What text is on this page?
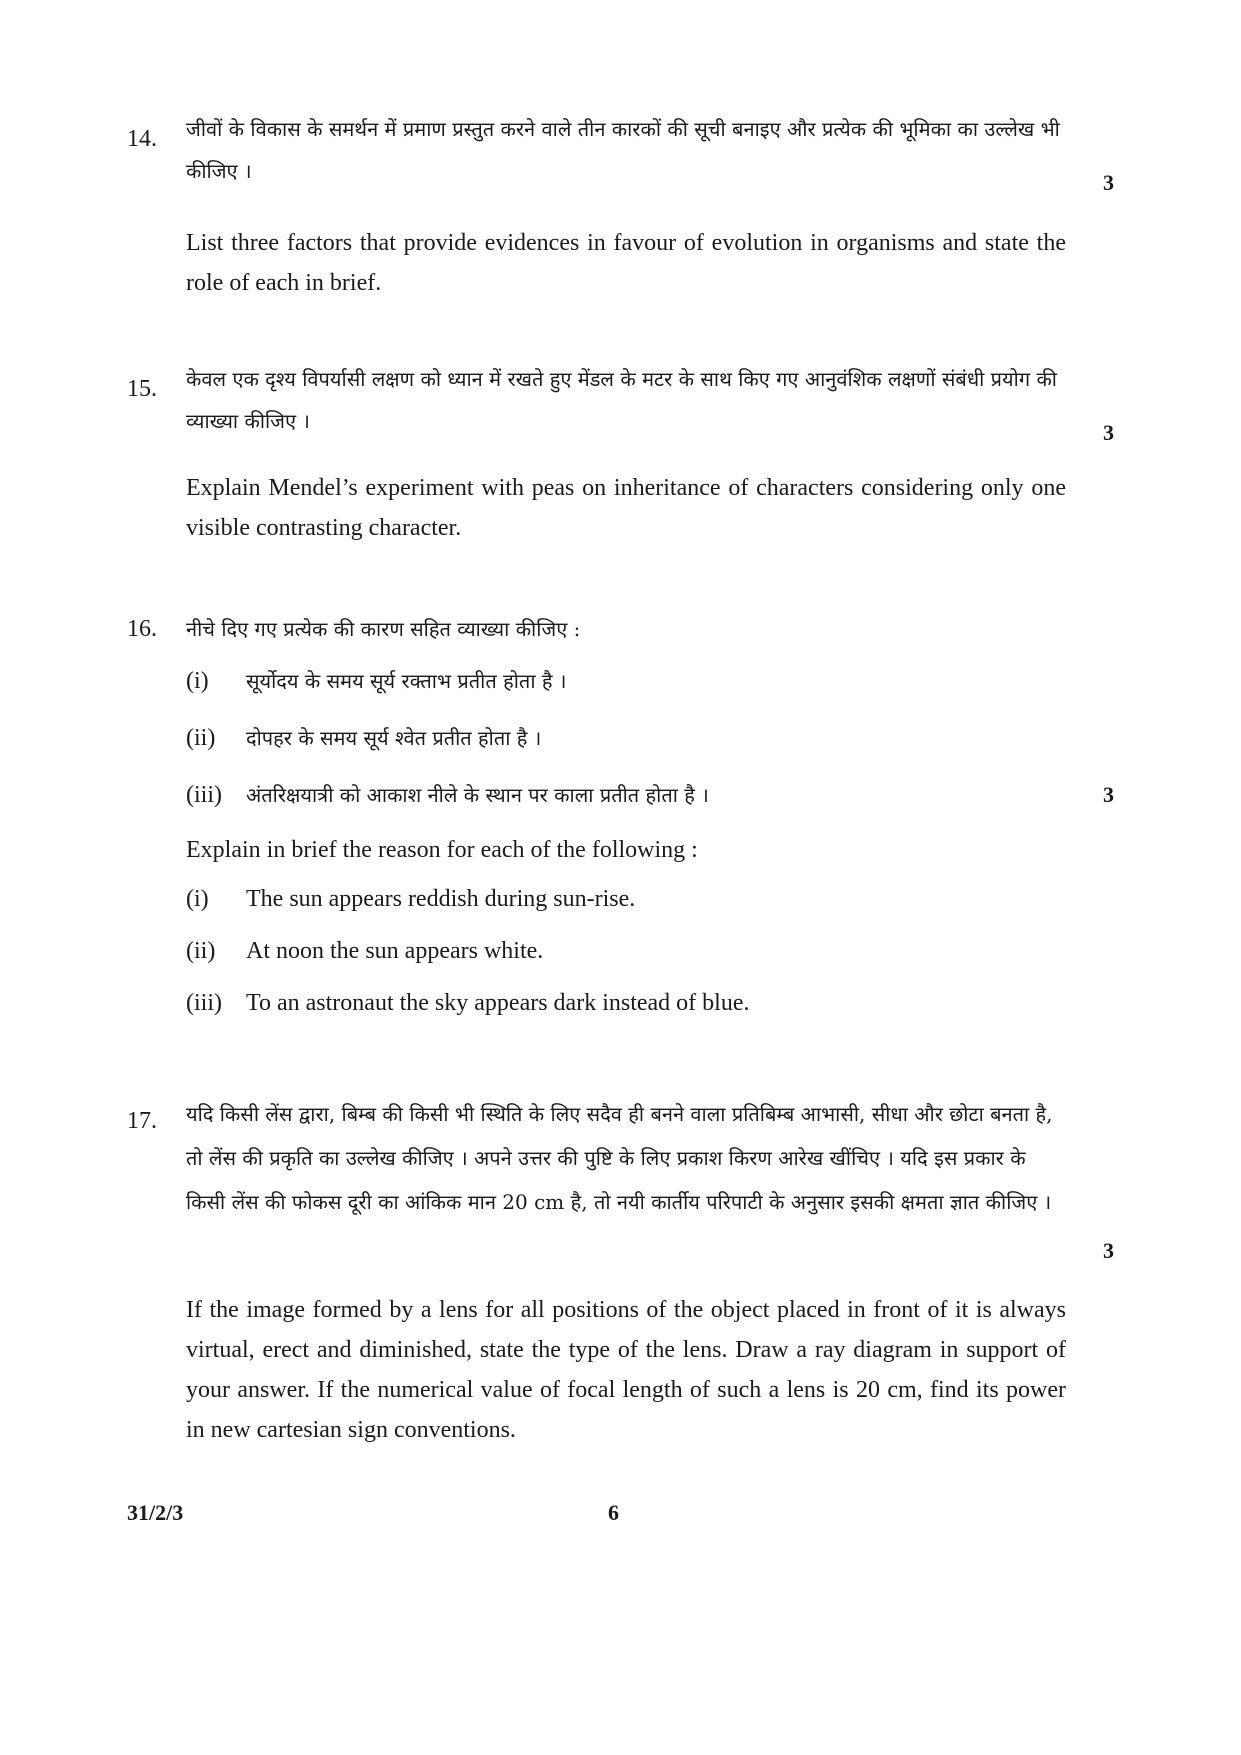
14. जीवों के विकास के समर्थन में प्रमाण प्रस्तुत करने वाले तीन कारकों की सूची बनाइए और प्रत्येक की भूमिका का उल्लेख भी कीजिए ।	3
List three factors that provide evidences in favour of evolution in organisms and state the role of each in brief.
15. केवल एक दृश्य विपर्यासी लक्षण को ध्यान में रखते हुए मेंडल के मटर के साथ किए गए आनुवंशिक लक्षणों संबंधी प्रयोग की व्याख्या कीजिए ।	3
Explain Mendel’s experiment with peas on inheritance of characters considering only one visible contrasting character.
16. नीचे दिए गए प्रत्येक की कारण सहित व्याख्या कीजिए :
(i) सूर्योदय के समय सूर्य रक्ताभ प्रतीत होता है ।
(ii) दोपहर के समय सूर्य श्वेत प्रतीत होता है ।
(iii) अंतरिक्षयात्री को आकाश नीले के स्थान पर काला प्रतीत होता है ।	3
Explain in brief the reason for each of the following :
(i) The sun appears reddish during sun-rise.
(ii) At noon the sun appears white.
(iii) To an astronaut the sky appears dark instead of blue.
17. यदि किसी लेंस द्वारा, बिम्ब की किसी भी स्थिति के लिए सदैव ही बनने वाला प्रतिबिम्ब आभासी, सीधा और छोटा बनता है, तो लेंस की प्रकृति का उल्लेख कीजिए । अपने उत्तर की पुष्टि के लिए प्रकाश किरण आरेख खींचिए । यदि इस प्रकार के किसी लेंस की फोकस दूरी का आंकिक मान 20 cm है, तो नयी कार्तीय परिपाटी के अनुसार इसकी क्षमता ज्ञात कीजिए ।
3
If the image formed by a lens for all positions of the object placed in front of it is always virtual, erect and diminished, state the type of the lens. Draw a ray diagram in support of your answer. If the numerical value of focal length of such a lens is 20 cm, find its power in new cartesian sign conventions.
31/2/3	6
